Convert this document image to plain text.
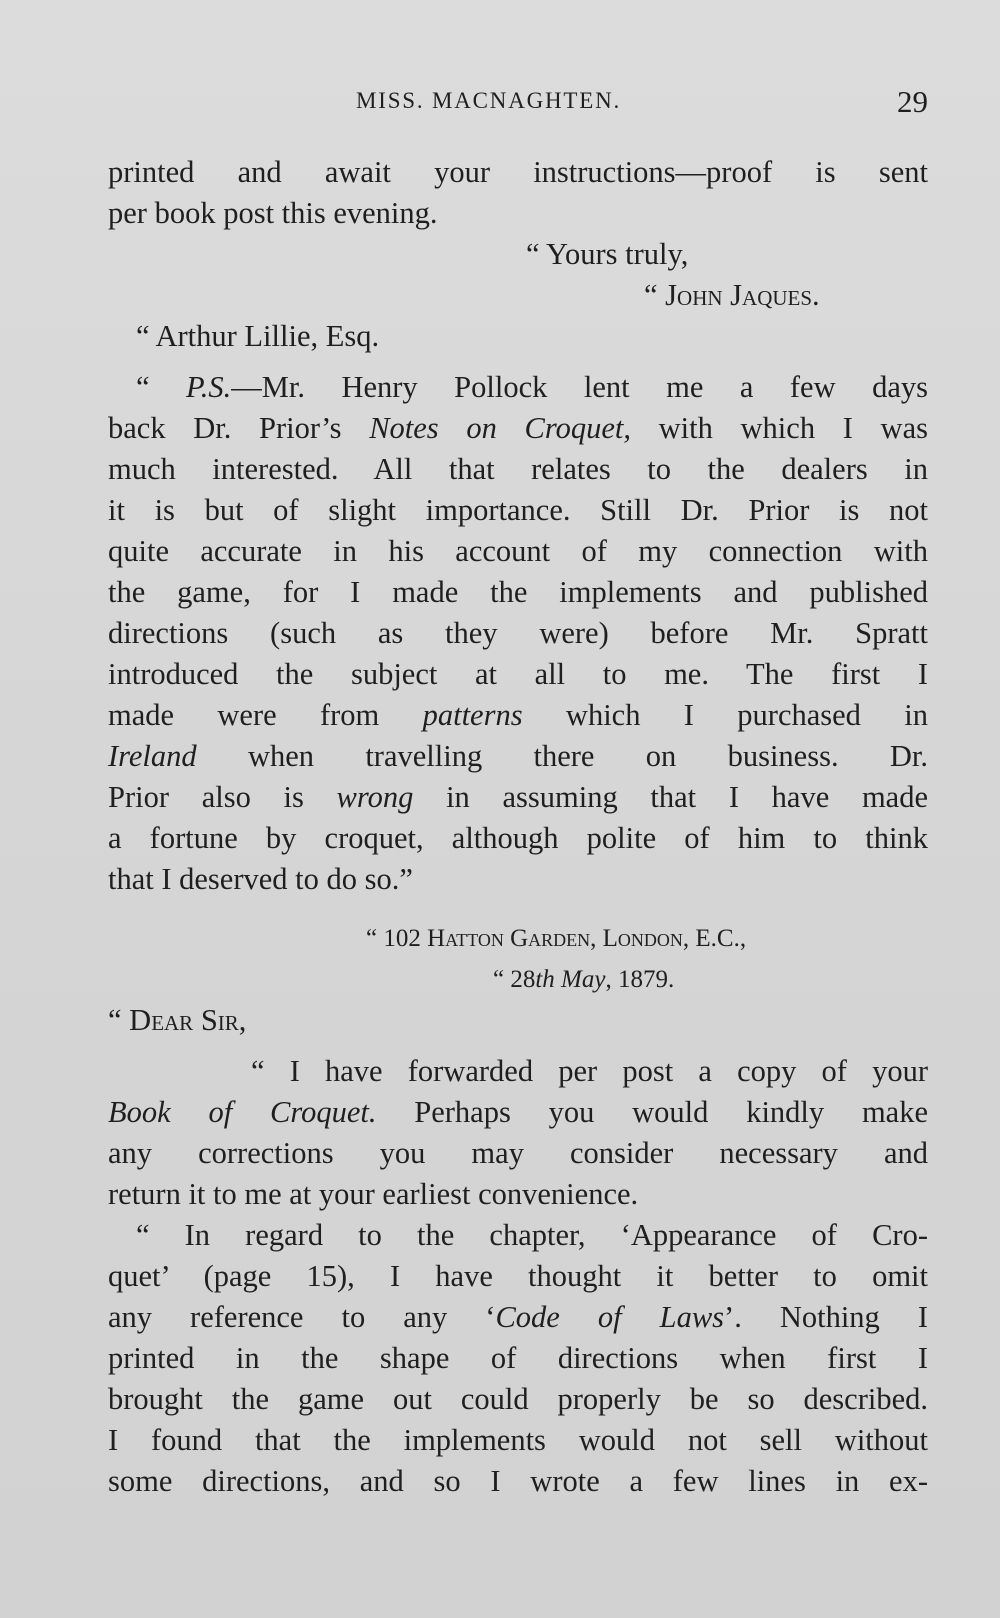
MISS. MACNAGHTEN.	29
printed and await your instructions—proof is sent
per book post this evening.
“ Yours truly,
“ John Jaques.
“ Arthur Lillie, Esq.
“ P.S.—Mr. Henry Pollock lent me a few days
back Dr. Prior’s Notes on Croquet, with which I was
much interested. All that relates to the dealers in
it is but of slight importance. Still Dr. Prior is not
quite accurate in his account of my connection with
the game, for I made the implements and published
directions (such as they were) before Mr. Spratt
introduced the subject at all to me. The first I
made were from patterns which I purchased in
Ireland when travelling there on business. Dr.
Prior also is wrong in assuming that I have made
a fortune by croquet, although polite of him to think
that I deserved to do so.”
“ 102 Hatton Garden, London, E.C.,
“ 28th May, 1879.
“ Dear Sir,
“ I have forwarded per post a copy of your
Book of Croquet. Perhaps you would kindly make
any corrections you may consider necessary and
return it to me at your earliest convenience.
“ In regard to the chapter, ‘Appearance of Cro-
quet’ (page 15), I have thought it better to omit
any reference to any ‘Code of Laws’. Nothing I
printed in the shape of directions when first I
brought the game out could properly be so described.
I found that the implements would not sell without
some directions, and so I wrote a few lines in ex-
